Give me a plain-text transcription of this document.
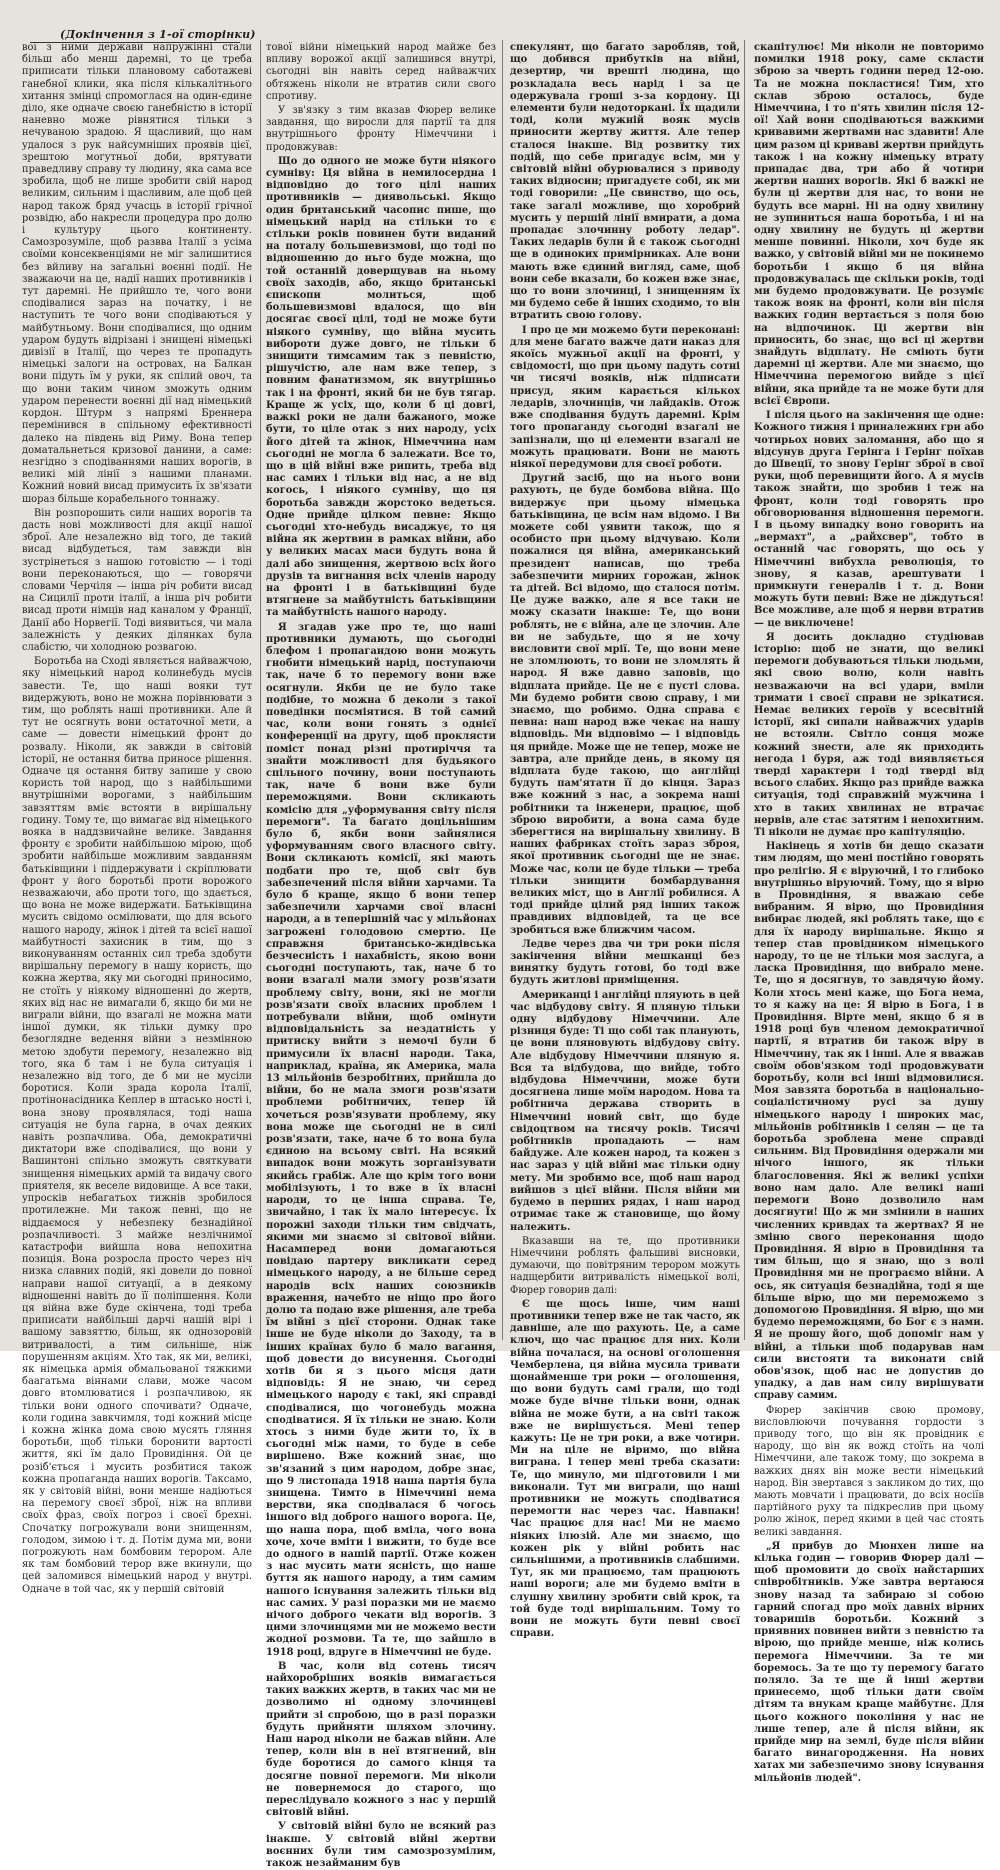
(Докінчення з 1-ої сторінки)

вої з ними держави напружінні стали більш або менш даремні, то це треба приписати тільки плановому саботажеві ганебної клики, яка після кількалітнього хитання змінці спромоглася на один-єдине діло, яке одначе своєю ганебністю в історії наневно може рівнятися тільки з нечуваною зрадою. Я щасливий, що нам удалося з рук найсумніших проявів цієї, зрештою могутньої доби, врятувати праведливу справу ту людину, яка сама все зробила, щоб не лише зробити свій народ великим, сильним і щасливим, але щоб цей народ також бряд учасць в історії грічної розвідю, або накресли процедура про долю і культуру цього континенту. Самозрозуміле, щоб развва Італії з усіма своїми консеквенціями не міг залишитися без вйливу на загальні воєнні події. Не зважаючи на це, надії наших противників і тут даремні. Не прийшло те, чого вони сподівалися зараз на початку, і не наступить те чого вони сподіваються у майбутньому. Вони сподівалися, що одним ударом будуть відрізані і знищені німецькі дивізії в Італії, що через те пропадуть німецькі залоги на островах, на Балкан вони підуть їм у руки, як спілий овоч, та що вони таким чином зможуть одним ударом перенести воєнні дії над німецький кордон. Штурм з напрямі Бреннера перемінився в спільному ефективності далеко на південь від Риму. Вона тепер доматальнеться кризової данини, а саме: незгідно з сподіваннями наших ворогів, в великі мій лінії з нашими планами. Кожний новий висад примусить їх зв'язати шораз більше корабельного тоннажу.

Він розпорошить сили наших ворогів та дасть нові можливості для акції нашої зброї. Але незалежно від того, де такий висад відбудеться, там завжди він зустрінеться з нашою готовістю — і тоді вони переконаються, що — говорячи словами Черчіля — інша річ робити висад на Сицилії проти італії, а інша річ робити висад проти німців над каналом у Франції, Данії або Норвегії. Тоді виявиться, чи мала залежність у деяких ділянках була слабістю, чи холодною розвагою.

Боротьба на Сході являється найважчою, яку німецький народ колинебудь мусів завести. Те, що наші вояки тут видержують, воно не можна порівнювати з тим, що роблять наші противники. Але й тут не осягнуть вони остаточної мети, а саме — довести німецький фронт до розвалу. Ніколи, як завжди в світовій історії, не остання битва приносе рішення. Одначе ця остання битву запише у свою користь той народ, що з найбільшими внутрішніми ворогами, з найбільшим завзяттям вміє встояти в вирішальну годину. Тому те, що вимагає від німецького вояка в наддзвичайне велике. Завдання фронту є зробити найбільшою мірою, щоб зробити найбільше можливим завданням батьківщини і піддержувати і скріплювати фронт у його боротьбі проти ворожого незважаючи, або проти того, що здається, що вона не може видержати. Батьківщина мусить свідомо осмілювати, що для всього нашого народу, жінок і дітей та всієї нашої майбутності захисник в тим, що з виконуванням останніх сил треба здобути вирішальну перемогу в нашу користь, що кожна жертва, яку ми сьогодні приносимо, не стоїть у ніякому відношенні до жертв, яких від нас не вимагали б, якщо би ми не виграли війни, що взагалі не можна мати іншої думки, як тільки думку про безоглядне ведення війни з незмінною метою здобути перемогу, незалежно від того, яка б там і не була ситуація і незалежно від того, де б ми не мусіли боротися. Коли зрада корола Італії, протінонасідника Кеплер в штасько ності і, вона знову проявлялася, тоді наша ситуація не була гарна, в очах деяких навіть розпачлива. Оба, демократичні диктатори вже сподівалися, що вони у Вашинтоні спільно зможуть святкувати знищення німецьких армій та видачу свого приятеля, як веселе видовище. А все таки, упросків небагатьох тижнів зробилося протилежне. Ми також певні, що не віддаємося у небезпеку безнадійної розпачливості. З майже незлічнимої катастрофи вийшла нова непохитна позиція. Вона розросла просто через ніч низка славних подій, які довели до повної направи нашої ситуації, а в деякому відношенні навіть до її поліпшення. Коли ця війна вже буде скінчена, тоді треба приписати найбільші дарчі нашій вірі і вашому завзяттю, більш, як однозоровій витривалості, а тим сильніше, ніж порушенням акціям. Хто так, як ми, великі, як німецька армія обмальованої тяжкими баагатьма віннами слави, може часом довго втомлюватися і розпачливою, як тільки вони одного спочивати? Одначе, коли година завкчимля, тоді кожний місце і кожна жінка дома свою мусять гляння боротьби, щоб тільки боронити вартості життя, які їм дало Провидіння. Ой це розіб'ється і мусить розбитися також кожна пропаганда наших ворогів. Таксамо, як у світовій війні, вони менше надіються на перемогу своєї зброї, ніж на впливи своїх фраз, своїх погроз і своєї брехні. Спочатку погрожували вони знищенням, голодом, зимою і т. д. Потім дума ми, вони погрожують нам бомбовим терором. Але як там бомбовий терор вже вкинули, що цей заломився німецький народ у внутрі. Одначе в той час, як у першій світовій

тової війни німецький народ майже без впливу ворожої акції залишився внутрі, сьогодні він навіть серед найважчих обтяжень ніколи не втратив сили свого спротиву.

У зв'язку з тим вказав Фюрер велике завдання, що виросли для партії та для внутрішнього фронту Німеччини і продовжував:

Що до одного не може бути ніякого сумніву: Ця війна в немилосердна і відповідно до того цілі наших противників — диявольські. Якщо один британський часопис пише, що німецький нарід на стільки то є стільки років повинен бути виданий на поталу большевизмові, що тоді по відношенню до ньго буде можна, що той останній доверщував на ньому своїх заходів, або, якщо британські єпископи молиться, щоб большевизмові вдалося, що він досягає своєї цілі, тоді не може бути ніякого сумніву, що війна мусить вибороти дуже довго, не тільки б знищити тимсамим так з певністю, рішучістю, але нам вже тепер, з повним фанатизмом, як внутрішньо так і на фронті, який би не був тягар. Краще ж усіх, що, коли б ці довгі, важкі роки не дали бажаного, може бути, то ціле отак з них народу, усіх його дітей та жінок, Німеччина нам сьогодні не могла б залежати. Все то, що в цій війні вже рипить, треба від нас самих і тільки від нас, а не від когось, і ніякого сумніву, що ця боротьба завжди жорстоко ведеться. Одне прийде цілком певне: Якщо сьогодні хто-небудь висаджує, то ця війна як жертвин в рамках війни, або у великих масах маси будуть вона й далі або знищення, жертвою всіх його друзів та вигнання всіх членів народу на фронті і в батьківщині буде втягнене за майбутність батьківщини та майбутність нашого народу.

Я згадав уже про те, що наші противники думають, що сьогодні блефом і пропагандою вони можуть гнобити німецький нарід, поступаючи так, наче б то перемогу вони вже осягнули. Якби це не було таке подібне, то можна б деколи з такої поведінки посміятися. В той самий час, коли вони гонять з однієї конференції на другу, щоб проклясти поміст понад різні протиріччя та знайти можливості для будьякого спільного почину, вони поступають так, наче б вони вже були переможцями. Вони скликають комісію для „уформування світу після перемоги". Та багато доцільнішим було б, якби вони зайнялися уформуванням свого власного світу. Вони скликають комісії, які мають подбати про те, щоб світ був забезпечений після війни харчами. Та було б краще, якщо б вони тепер забезпечили харчами свої власні народи, а в теперішній час у мільйонах загрожені голодовою смертю. Це справжня британсько-жидівська безчесність і нахабність, якою вони сьогодні поступають, так, наче б то вони взагалі мали змогу розв'язати проблему світу, вони, які не могли розв'язати своїх власних проблем і потребували війни, щоб омінути відповідальність за нездатність у притиску вийти з немочі були б примусили їх власні народи. Така, наприклад, країна, як Америка, мала 13 мільйонів безробітних, прийшла до війни, бо не мала змоги розв'язати проблеми робітничих, тепер їй хочеться розв'язувати проблему, яку вона може ще сьогодні не в силі розв'язати, таке, наче б то вона була єдиною на всьому світі. На всякий випадок вони можуть зорганізувати якийсь грабіж. Але що крім того вони мобілізують, і то вже в їх власні народи, то це інша справа. Те, звичайно, і так їх мало інтересує. Їх порожні заходи тільки тим свідчать, якими ми знаємо зі світової війни. Насамперед вони домагаються повідаю партеру викликати серед німецького народу, а не більше серед народів всіх наших союзників враження, начебто не ніщо про його долю та подаю вже рішення, але треба їм війні з цієї сторони. Однак таке інше не буде ніколи до Заходу, та в інших країнах було б мало вагання, щоб довести до висунення. Сьогодні хотів би я з цього місця дати відповідь: Я не знаю, чи серед німецького народу є такі, які справді сподівалися, що чогонебудь можна сподіватися. Я їх тільки не знаю. Коли хтось з ними буде жити то, їх в сьогодні між нами, то буде в себе вирішено. Вже кожний знає, що зв'язаний з цим народом, добре знає, що 9 листопада 1918 наша партія була знищена. Тимто в Німеччині нема верстви, яка сподівалася б чогось іншого від доброго нашого ворога. Це, що наша пора, щоб вміла, чого вона хоче, хоче вміти і вижити, то буде все до одного в нашій партії. Отже кожен з нас мусить мати ясність, що наше буття як нашого народу, а тим самим нашого існування залежить тільки від нас самих. У разі поразки ми не маємо нічого доброго чекати від ворогів. З цими злочинцями ми не можемо вести жодної розмови. Та те, що зайшло в 1918 році, вдруге в Німеччині не буде.

В час, коли від сотень тисяч найхоробріших вояків вимагається таких важких жертв, в таких час ми не дозволимо ні одному злочинцеві прийти зі спробою, що в разі поразки будуть прийняти шляхом злочину. Наш народ ніколи не бажав війни. Але тепер, коли він в неї втягнений, він буде боротися до самого кінця та досягне повної перемоги. Ми ніколи не повернемося до старого, що переслідувало кожного з нас у першій світовій війні.

У світовій війні було не всякий раз інакше. У світовій війні жертви воєнних були тим самозрозумілим, також незайманим був

спекулянт, що багато заробляв, той, що добився прибутків на війні, дезертир, чи врешті людина, що розкладала весь нарід і за це одержувала гроші з-за кордону. Ці елементи були недоторкані. Їх щадили тоді, коли мужній вояк мусів приносити жертву життя. Але тепер сталося інакше. Від розвитку тих подій, що себе пригадує всім, ми у світовій війні обурювалися з приводу таких відносин; пригадуєте собі, як ми тоді говорили: „Це свинство, що ось, таке загалі можливе, що хоробрий мусить у першій лінії вмирати, а дома пропадає злочинну роботу ледар". Таких ледарів були й є також сьогодні ще в одиноких примірниках. Але вони мають вже єдиний вигляд, саме, щоб вони себе вказали, бо кожен вже знає, що то вони злочинці, і знищенням їх ми будемо себе й інших сходимо, то він втратить свою голову.

І про це ми можемо бути переконані: для мене багато важче дати наказ для якоїсь мужньої акції на фронті, у свідомості, що при цьому падуть сотні чи тисячі вояків, ніж підписати присуд, яким карається кількох ледарів, злочинців, чи лайдаків. Отож вже сподівання будуть даремні. Крім того пропаганду сьогодні взагалі не запізнали, що ці елементи взагалі не можуть працювати. Вони не мають ніякої передумови для своєї роботи.

Другий засіб, що на нього вони рахують, це буде бомбова війна. Що видержує при цьому німецька батьківщина, це всім нам відомо. І Ви можете собі уявити також, що я особисто при цьому відчуваю. Коли пожалися ця війна, американський президент написав, що треба забезпечити мирних горожан, жінок та дітей. Всі відомо, що сталося потім. Це дуже важко, але я все таки не можу сказати інакше: Те, що вони роблять, не є війна, але це злочин. Але ви не забудьте, що я не хочу висловити свої мрії. Те, що вони мене не зломлюють, то вони не зломлять й народ. Я вже давно заповів, що відплата прийде. Це не є пусті слова. Ми будемо робити свою справу, і ми знаємо, що робимо. Одна справа є певна: наш народ вже чекає на нашу відповідь. Ми відповімо — і відповідь ця прийде. Може ще не тепер, може не завтра, але прийде день, в якому ця відплата буде такою, що англійці будуть пам'ятати її до кінця. Зараз вже кожний з нас, а зокрема наші робітники та інженери, працює, щоб зброю виробити, а вона сама буде зберегтися на вирішальну хвилину. В наших фабриках стоїть зараз зброя, якої противник сьогодні ще не знає. Може час, коли це буде тільки — треба тільки знищити бомбардування великих міст, що в Англії робилися. А тоді прийде цілий ряд інших також правдивих відповідей, та це все зробиться вже ближчим часом.

Ледве через два чи три роки після закінчення війни мешканці без винятку будуть готові, бо тоді вже будуть житлові приміщення.

Американці і англійці пляують в цей час відбудову світу. Я пляную тільки одну відбудову Німеччини. Але різниця буде: Ті що собі так планують, це вони пляновують відбудову світу. Але відбудову Німеччини пляную я. Вся та відбудова, що вийде, тобто відбудова Німеччини, може бути досягнена лише моїм народом. Нова та робітнича держава створить в Німеччині новий світ, що буде свідоцтвом на тисячу років. Тисячі робітників пропадають — нам байдуже. Але кожен народ, та кожен з нас зараз у цій війні має тільки одну мету. Ми зробимо все, щоб наш народ вийшов з цієї війни. Після війни ми будемо в перших рядах, і наш народ отримає таке ж становище, що йому належить.

Вказавши на те, що противники Німеччини роблять фальшиві висновки, думаючи, що повітряним терором можуть надщербити витривалість німецької волі, Фюрер говорив далі:

Є ще щось інше, чим наші противники тепер вже не так часто, як давніше, але що рахують. Це, а саме ключ, що час працює для них. Коли війна почалася, на основі оголошення Чемберлена, ця війна мусила тривати щонайменше три роки — оголошення, що вони будуть самі грали, що тоді може буде вічне тільки вони, однак війна не може бути, а на світі також вже не вирішується. Мені тепер кажуть: Це не три роки, а вже чотири. Ми на ціле не віримо, що війна виграна. І тепер мені треба сказати: Те, що минуло, ми підготовили і ми виконали. Тут ми виграли, що наші противники не можуть сподіватися перемогти нас через час. Навпаки! Час працює для нас! Ми не маємо ніяких ілюзій. Але ми знаємо, що кожен рік у війні робить нас сильнішими, а противників слабшими. Тут, як ми працюємо, там працюють наші вороги; але ми будемо вміти в слушну хвилину зробити свій крок, та той буде тоді вирішальним. Тому то вони не можуть бути певні своєї справи.

скапітулює! Ми ніколи не повторимо помилки 1918 року, саме скласти зброю за чверть години перед 12-ою. Та не можна покластися! Тим, хто склав зброю осталось, буде Німеччина, і то п'ять хвилин після 12-ої! Хай вони сподіваються важкими кривавими жертвами нас здавити! Але цим разом ці криваві жертви прийдуть також і на кожну німецьку втрату припадає два, три або й чотири жертви наших ворогів. Які б важкі не були ці жертви для нас, то вони не будуть все марні. Ні на одну хвилину не зупиниться наша боротьба, і ні на одну хвилину не будуть ці жертви менше повинні. Ніколи, хоч буде як важко, у світовій війні ми не покинемо боротьби і якщо б ця війна продовжувалась ще скільки років, тоді ми будемо продовжувати. Це розуміє також вояк на фронті, коли він після важких годин вертається з поля бою на відпочинок. Ці жертви він приносить, бо знає, що всі ці жертви знайдуть відплату. Не сміють бути даремні ці жертви. Але ми знаємо, що Німеччина перемогою вийде з цієї війни, яка прийде та не може бути для всієї Європи.

І після цього на закінчення ще одне: Кожного тижня і приналежних гри або чотирьох нових заломання, або що я відсунув друга Герінга і Герінг поїхав до Швеції, то знову Герінг зброї в свої руки, щоб перевищити його. А я мусів також знайти, що зробив і теж на фронт, коли тоді говорять про обговорювання відношення перемоги. І в цьому випадку воно говорить на „вермахт", а „райхсвер", тобто в останній час говорять, що ось у Німеччині вибухла революція, то знову, я казав, арештувати і примкнути генералів і т. д. Вони можуть бути певні: Вже не діждуться! Все можливе, але щоб я нерви втратив — це виключене!

Я досить докладно студіював історію: щоб не знати, що великі перемоги добуваються тільки людьми, які свою волю, коли навіть незважаючи на всі удари, вміли тримати і своєї справи не зрікатися. Немає великих героїв у всесвітній історії, які сипали найважчих ударів не встояли. Світло сонця може кожний знести, але як приходить негода і буря, аж тоді виявляється тверді характери і тоді тверді від всього слабих. Якщо раз прийде важка ситуація, тоді справжній мужчина і хто в таких хвилинах не втрачає нервів, але стає затятим і непохитним. Ті ніколи не думає про капітуляцію.

Накінець я хотів би дещо сказати тим людям, що мені постійно говорять про релігію. Я є віруючий, і то глибоко внутрішньо віруючий. Тому, що я вірю в Провидіння, я вважаю себе вибраним. Я вірю, що Провидіння вибирає людей, які роблять таке, що є для їх народу вирішальне. Якщо я тепер став провідником німецького народу, то це не тільки моя заслуга, а ласка Провидіння, що вибрало мене. Те, що я досягнув, то завдячую йому. Коли хтось мені каже, що Бога нема, то я кажу на це: Я вірю в Бога, і в Провидіння. Вірте мені, якщо б я в 1918 році був членом демократичної партії, я втратив би також віру в Німеччину, так як і інші. Але я вважав своїм обов'язком тоді продовжувати боротьбу, коли всі інші відмовилися. Моя завзята боротьба в національно-соціалістичному русі за душу німецького народу і широких мас, мільйонів робітників і селян — це та боротьба зроблена мене справді сильним. Від Провидіння одержали ми нічого іншого, як тільки благословення. Які ж великі успіхи воно нам дало. Але великі наші перемоги Воно дозволило нам досягнути! Що ж ми змінили в наших численних кривдах та жертвах? Я не зміню свого переконання щодо Провидіння. Я вірю в Провидіння та тим більш, що я знаю, що з волі Провидіння ми не програємо війни. А ось, як ситуація безнадійна, тоді я ще більше вірю, що ми переможемо з допомогою Провидіння. Я вірю, що ми будемо переможцями, бо Бог є з нами. Я не прошу його, щоб допоміг нам у війні, а тільки щоб подарував нам сили вистояти та виконати свій обов'язок, щоб нас не допустив до упадку, а дав нам силу вирішувати справу самим.

Фюрер закінчив свою промову, висловлюючи почування гордости з приводу того, що він як провідник є народу, що він як вожд стоїть на чолі Німеччини, але також тому, що зокрема в важких днях він може вести німецький народ. Він звертався з закликом до тих, що мають мовчати і працювати, до всіх носіїв партійного руху та підкреслив при цьому ролю жінок, перед якими в цей час стоять великі завдання.

„Я прибув до Мюнхен лише на кілька годин — говорив Фюрер далі — щоб промовити до своїх найстарших співробітників. Уже завтра вертаюся знову назад та забираю зі собою гарний спогад про моїх давніх вірних товаришів боротьби. Кожний з приявних повинен вийти з певністю та вірою, що прийде менше, ніж колись перемога Німеччини. За те ми боремось. За те що ту перемогу багато поляло. За те ще й інші жертви принесемо, щоб тільки дати своїм дітям та внукам краще майбутнє. Для цього кожного покоління у нас не лише тепер, але й після війни, як прийде мир на землі, буде після війни багато винагородження. На нових хатах ми забезпечимо знову існування мільйонів людей".
